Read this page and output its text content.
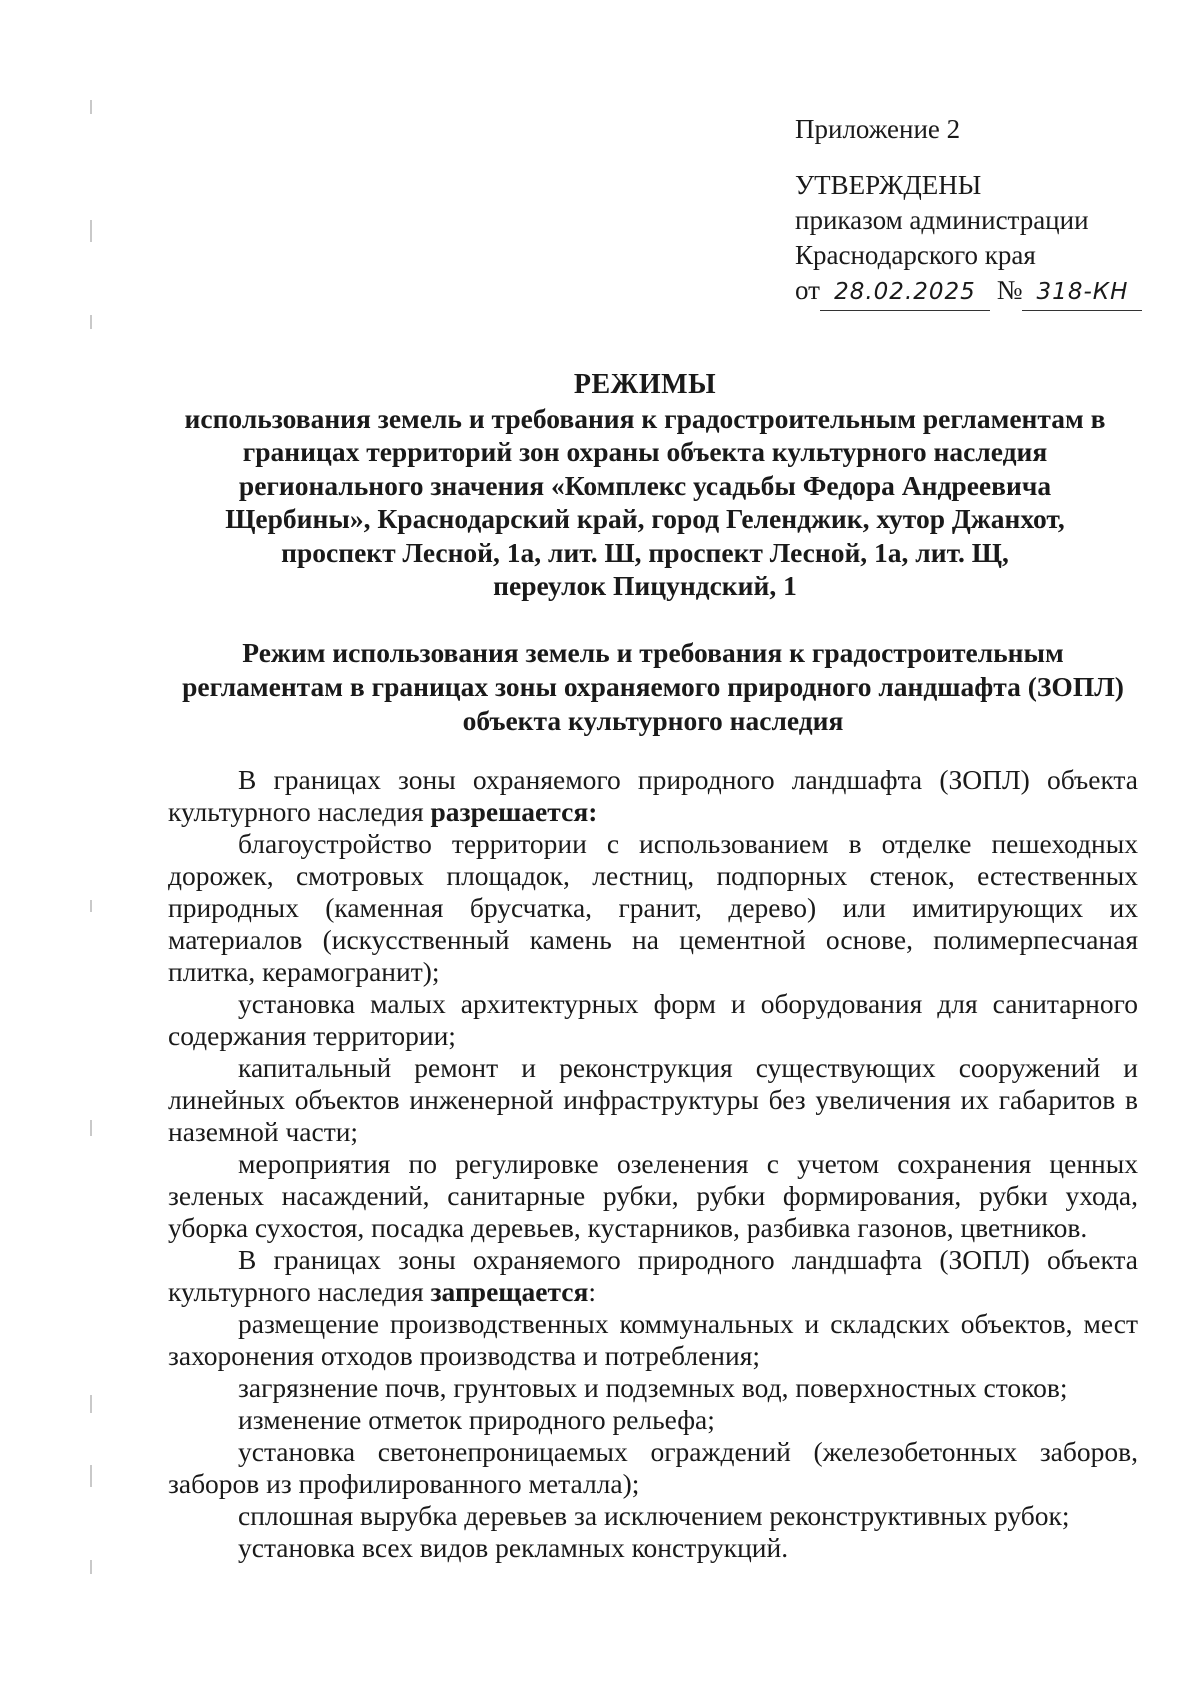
Приложение 2
УТВЕРЖДЕНЫ
приказом администрации
Краснодарского края
от 28.02.2025 № 318-КН
РЕЖИМЫ
использования земель и требования к градостроительным регламентам в
границах территорий зон охраны объекта культурного наследия
регионального значения «Комплекс усадьбы Федора Андреевича
Щербины», Краснодарский край, город Геленджик, хутор Джанхот,
проспект Лесной, 1а, лит. Ш, проспект Лесной, 1а, лит. Щ,
переулок Пицундский, 1
Режим использования земель и требования к градостроительным
регламентам в границах зоны охраняемого природного ландшафта (ЗОПЛ)
объекта культурного наследия

В границах зоны охраняемого природного ландшафта (ЗОПЛ) объекта культурного наследия разрешается:

благоустройство территории с использованием в отделке пешеходных дорожек, смотровых площадок, лестниц, подпорных стенок, естественных природных (каменная брусчатка, гранит, дерево) или имитирующих их материалов (искусственный камень на цементной основе, полимерпесчаная плитка, керамогранит);

установка малых архитектурных форм и оборудования для санитарного содержания территории;

капитальный ремонт и реконструкция существующих сооружений и линейных объектов инженерной инфраструктуры без увеличения их габаритов в наземной части;

мероприятия по регулировке озеленения с учетом сохранения ценных зеленых насаждений, санитарные рубки, рубки формирования, рубки ухода, уборка сухостоя, посадка деревьев, кустарников, разбивка газонов, цветников.

В границах зоны охраняемого природного ландшафта (ЗОПЛ) объекта культурного наследия запрещается:

размещение производственных коммунальных и складских объектов, мест захоронения отходов производства и потребления;

загрязнение почв, грунтовых и подземных вод, поверхностных стоков;

изменение отметок природного рельефа;

установка светонепроницаемых ограждений (железобетонных заборов, заборов из профилированного металла);

сплошная вырубка деревьев за исключением реконструктивных рубок;

установка всех видов рекламных конструкций.
